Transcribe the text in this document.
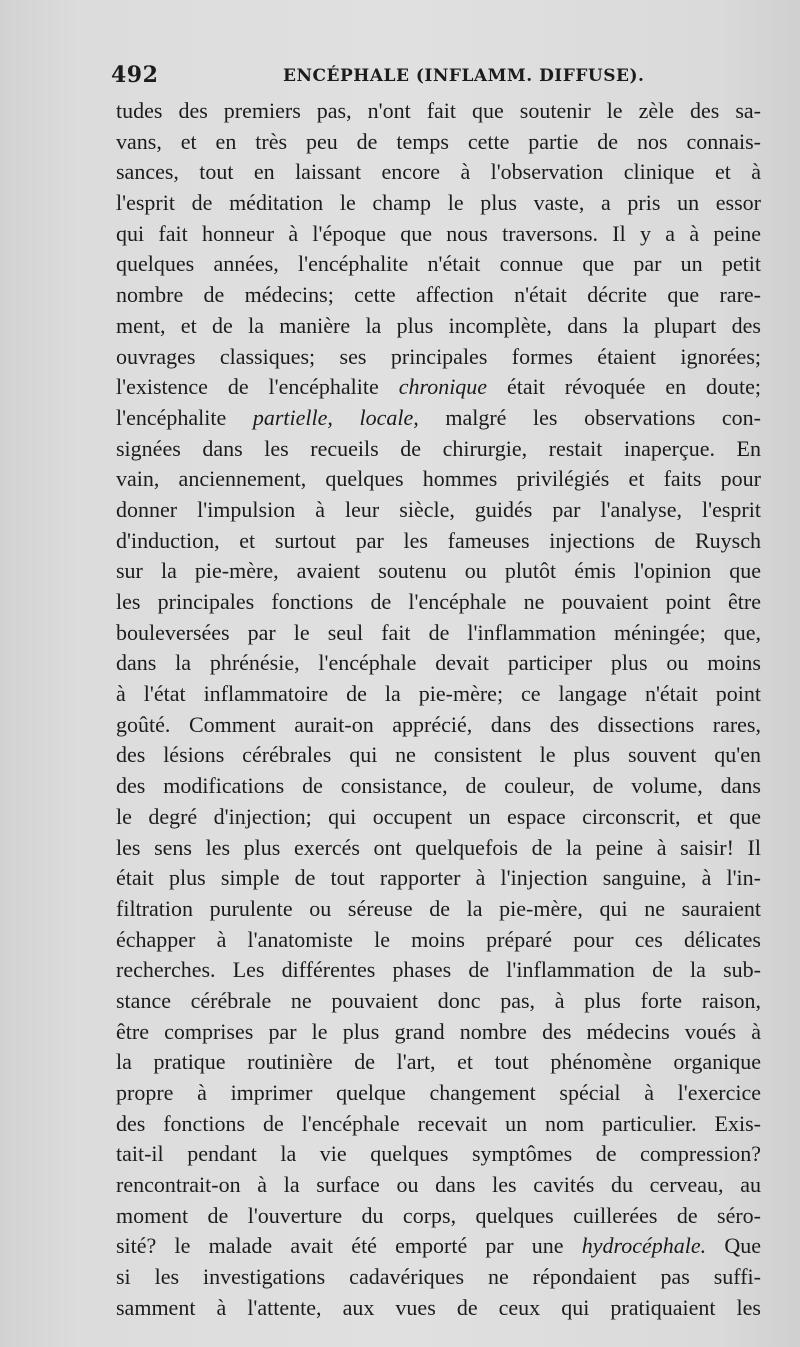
492	ENCÉPHALE (INFLAMM. DIFFUSE).
tudes des premiers pas, n'ont fait que soutenir le zèle des sa-
vans, et en très peu de temps cette partie de nos connais-
sances, tout en laissant encore à l'observation clinique et à
l'esprit de méditation le champ le plus vaste, a pris un essor
qui fait honneur à l'époque que nous traversons. Il y a à peine
quelques années, l'encéphalite n'était connue que par un petit
nombre de médecins; cette affection n'était décrite que rare-
ment, et de la manière la plus incomplète, dans la plupart des
ouvrages classiques; ses principales formes étaient ignorées;
l'existence de l'encéphalite chronique était révoquée en doute;
l'encéphalite partielle, locale, malgré les observations con-
signées dans les recueils de chirurgie, restait inaperçue. En
vain, anciennement, quelques hommes privilégiés et faits pour
donner l'impulsion à leur siècle, guidés par l'analyse, l'esprit
d'induction, et surtout par les fameuses injections de Ruysch
sur la pie-mère, avaient soutenu ou plutôt émis l'opinion que
les principales fonctions de l'encéphale ne pouvaient point être
bouleversées par le seul fait de l'inflammation méningée; que,
dans la phrénésie, l'encéphale devait participer plus ou moins
à l'état inflammatoire de la pie-mère; ce langage n'était point
goûté. Comment aurait-on apprécié, dans des dissections rares,
des lésions cérébrales qui ne consistent le plus souvent qu'en
des modifications de consistance, de couleur, de volume, dans
le degré d'injection; qui occupent un espace circonscrit, et que
les sens les plus exercés ont quelquefois de la peine à saisir! Il
était plus simple de tout rapporter à l'injection sanguine, à l'in-
filtration purulente ou séreuse de la pie-mère, qui ne sauraient
échapper à l'anatomiste le moins préparé pour ces délicates
recherches. Les différentes phases de l'inflammation de la sub-
stance cérébrale ne pouvaient donc pas, à plus forte raison,
être comprises par le plus grand nombre des médecins voués à
la pratique routinière de l'art, et tout phénomène organique
propre à imprimer quelque changement spécial à l'exercice
des fonctions de l'encéphale recevait un nom particulier. Exis-
tait-il pendant la vie quelques symptômes de compression?
rencontrait-on à la surface ou dans les cavités du cerveau, au
moment de l'ouverture du corps, quelques cuillerées de séro-
sité? le malade avait été emporté par une hydrocéphale. Que
si les investigations cadavériques ne répondaient pas suffi-
samment à l'attente, aux vues de ceux qui pratiquaient les
